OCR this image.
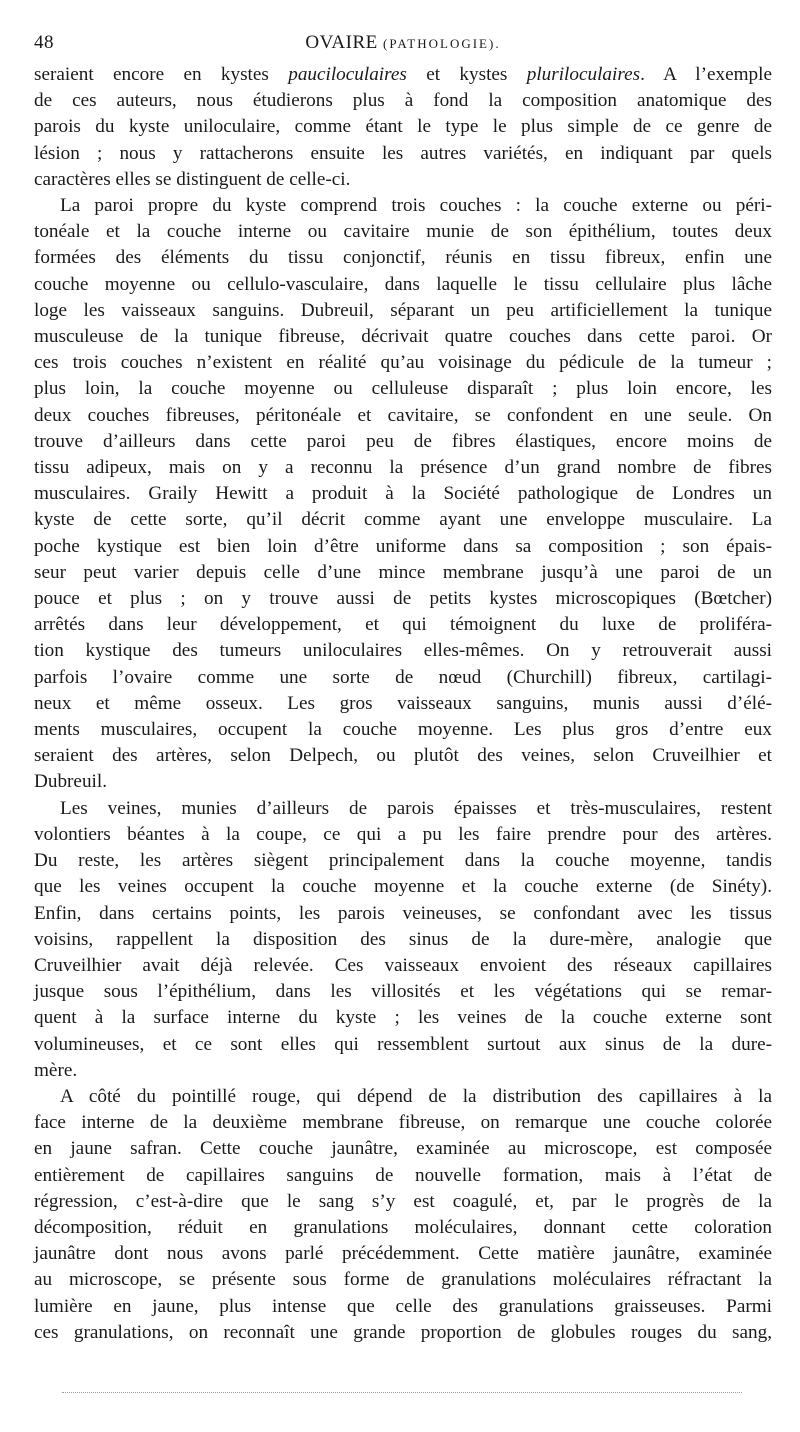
48	OVAIRE (PATHOLOGIE).
seraient encore en kystes pauciloculaires et kystes pluriloculaires. A l’exemple
de ces auteurs, nous étudierons plus à fond la composition anatomique des
parois du kyste uniloculaire, comme étant le type le plus simple de ce genre de
lésion ; nous y rattacherons ensuite les autres variétés, en indiquant par quels
caractères elles se distinguent de celle-ci.
La paroi propre du kyste comprend trois couches : la couche externe ou péri-
tonéale et la couche interne ou cavitaire munie de son épithélium, toutes deux
formées des éléments du tissu conjonctif, réunis en tissu fibreux, enfin une
couche moyenne ou cellulo-vasculaire, dans laquelle le tissu cellulaire plus lâche
loge les vaisseaux sanguins. Dubreuil, séparant un peu artificiellement la tunique
musculeuse de la tunique fibreuse, décrivait quatre couches dans cette paroi. Or
ces trois couches n’existent en réalité qu’au voisinage du pédicule de la tumeur ;
plus loin, la couche moyenne ou celluleuse disparaît ; plus loin encore, les
deux couches fibreuses, péritonéale et cavitaire, se confondent en une seule. On
trouve d’ailleurs dans cette paroi peu de fibres élastiques, encore moins de
tissu adipeux, mais on y a reconnu la présence d’un grand nombre de fibres
musculaires. Graily Hewitt a produit à la Société pathologique de Londres un
kyste de cette sorte, qu’il décrit comme ayant une enveloppe musculaire. La
poche kystique est bien loin d’être uniforme dans sa composition ; son épais-
seur peut varier depuis celle d’une mince membrane jusqu’à une paroi de un
pouce et plus ; on y trouve aussi de petits kystes microscopiques (Bœtcher)
arrêtés dans leur développement, et qui témoignent du luxe de proliféra-
tion kystique des tumeurs uniloculaires elles-mêmes. On y retrouverait aussi
parfois l’ovaire comme une sorte de nœud (Churchill) fibreux, cartilagi-
neux et même osseux. Les gros vaisseaux sanguins, munis aussi d’élé-
ments musculaires, occupent la couche moyenne. Les plus gros d’entre eux
seraient des artères, selon Delpech, ou plutôt des veines, selon Cruveilhier et
Dubreuil.
Les veines, munies d’ailleurs de parois épaisses et très-musculaires, restent
volontiers béantes à la coupe, ce qui a pu les faire prendre pour des artères.
Du reste, les artères siègent principalement dans la couche moyenne, tandis
que les veines occupent la couche moyenne et la couche externe (de Sinéty).
Enfin, dans certains points, les parois veineuses, se confondant avec les tissus
voisins, rappellent la disposition des sinus de la dure-mère, analogie que
Cruveilhier avait déjà relevée. Ces vaisseaux envoient des réseaux capillaires
jusque sous l’épithélium, dans les villosités et les végétations qui se remar-
quent à la surface interne du kyste ; les veines de la couche externe sont
volumineuses, et ce sont elles qui ressemblent surtout aux sinus de la dure-
mère.
A côté du pointillé rouge, qui dépend de la distribution des capillaires à la
face interne de la deuxième membrane fibreuse, on remarque une couche colorée
en jaune safran. Cette couche jaunâtre, examinée au microscope, est composée
entièrement de capillaires sanguins de nouvelle formation, mais à l’état de
régression, c’est-à-dire que le sang s’y est coagulé, et, par le progrès de la
décomposition, réduit en granulations moléculaires, donnant cette coloration
jaunâtre dont nous avons parlé précédemment. Cette matière jaunâtre, examinée
au microscope, se présente sous forme de granulations moléculaires réfractant la
lumière en jaune, plus intense que celle des granulations graisseuses. Parmi
ces granulations, on reconnaît une grande proportion de globules rouges du sang,
